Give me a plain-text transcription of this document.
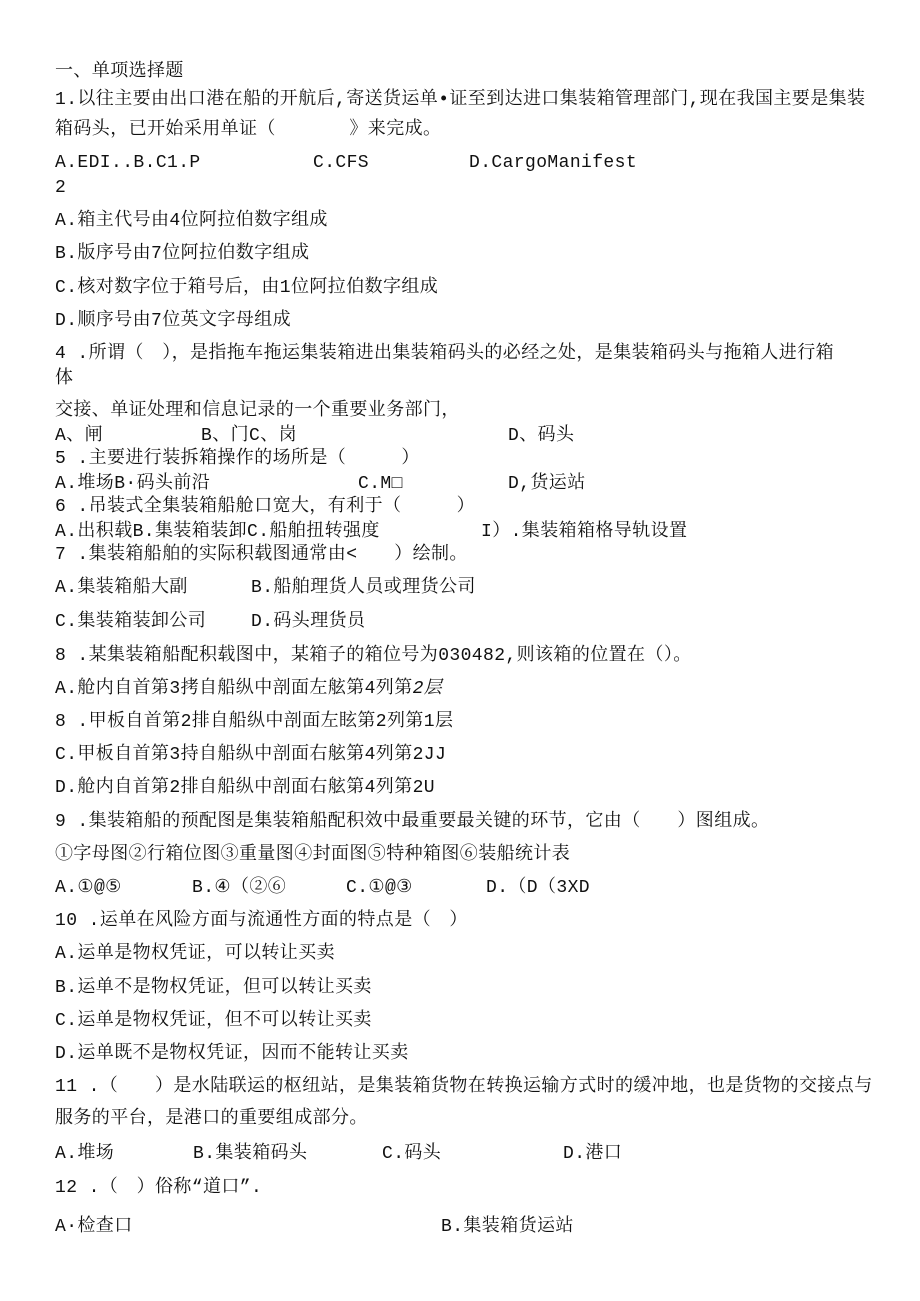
一、单项选择题
1.以往主要由出口港在船的开航后,寄送货运单•证至到达进口集装箱管理部门,现在我国主要是集装
箱码头，已开始采用单证（　　　　》来完成。
A.EDI..B.C1.P	C.CFS	D.CargoManifest
2
A.箱主代号由4位阿拉伯数字组成
B.版序号由7位阿拉伯数字组成
C.核对数字位于箱号后，由1位阿拉伯数字组成
D.顺序号由7位英文字母组成
4 .所谓（　），是指拖车拖运集装箱进出集装箱码头的必经之处，是集装箱码头与拖箱人进行箱
体
交接、单证处理和信息记录的一个重要业务部门，
A、闸	B、门C、岗	D、码头
5 .主要进行装拆箱操作的场所是（　　　）
A.堆场B·码头前沿	C.M□	D,货运站
6 .吊装式全集装箱船舱口宽大，有利于（　　　）
A.出积载B.集装箱装卸C.船舶扭转强度	I）.集装箱箱格导轨设置
7 .集装箱船舶的实际积载图通常由<　　）绘制。
A.集装箱船大副	B.船舶理货人员或理货公司
C.集装箱装卸公司 D.码头理货员
8 .某集装箱船配积载图中，某箱子的箱位号为030482,则该箱的位置在（）。
A.舱内自首第3拷自船纵中剖面左舷第4列第2层
8 .甲板自首第2排自船纵中剖面左眩第2列第1层
C.甲板自首第3持自船纵中剖面右舷第4列第2JJ
D.舱内自首第2排自船纵中剖面右舷第4列第2U
9 .集装箱船的预配图是集装箱船配积效中最重要最关键的环节，它由（　　）图组成。
①字母图②行箱位图③重量图④封面图⑤特种箱图⑥装船统计表
A.①@⑤	B.④（②⑥	C.①@③	D.（D（3XD
10 .运单在风险方面与流通性方面的特点是（　）
A.运单是物权凭证，可以转让买卖
B.运单不是物权凭证，但可以转让买卖
C.运单是物权凭证，但不可以转让买卖
D.运单既不是物权凭证，因而不能转让买卖
11 .（　　）是水陆联运的枢纽站，是集装箱货物在转换运输方式时的缓冲地，也是货物的交接点与
服务的平台，是港口的重要组成部分。
A.堆场	B.集装箱码头	C.码头	D.港口
12 .（　）俗称“道口”.
A·检查口	B.集装箱货运站
